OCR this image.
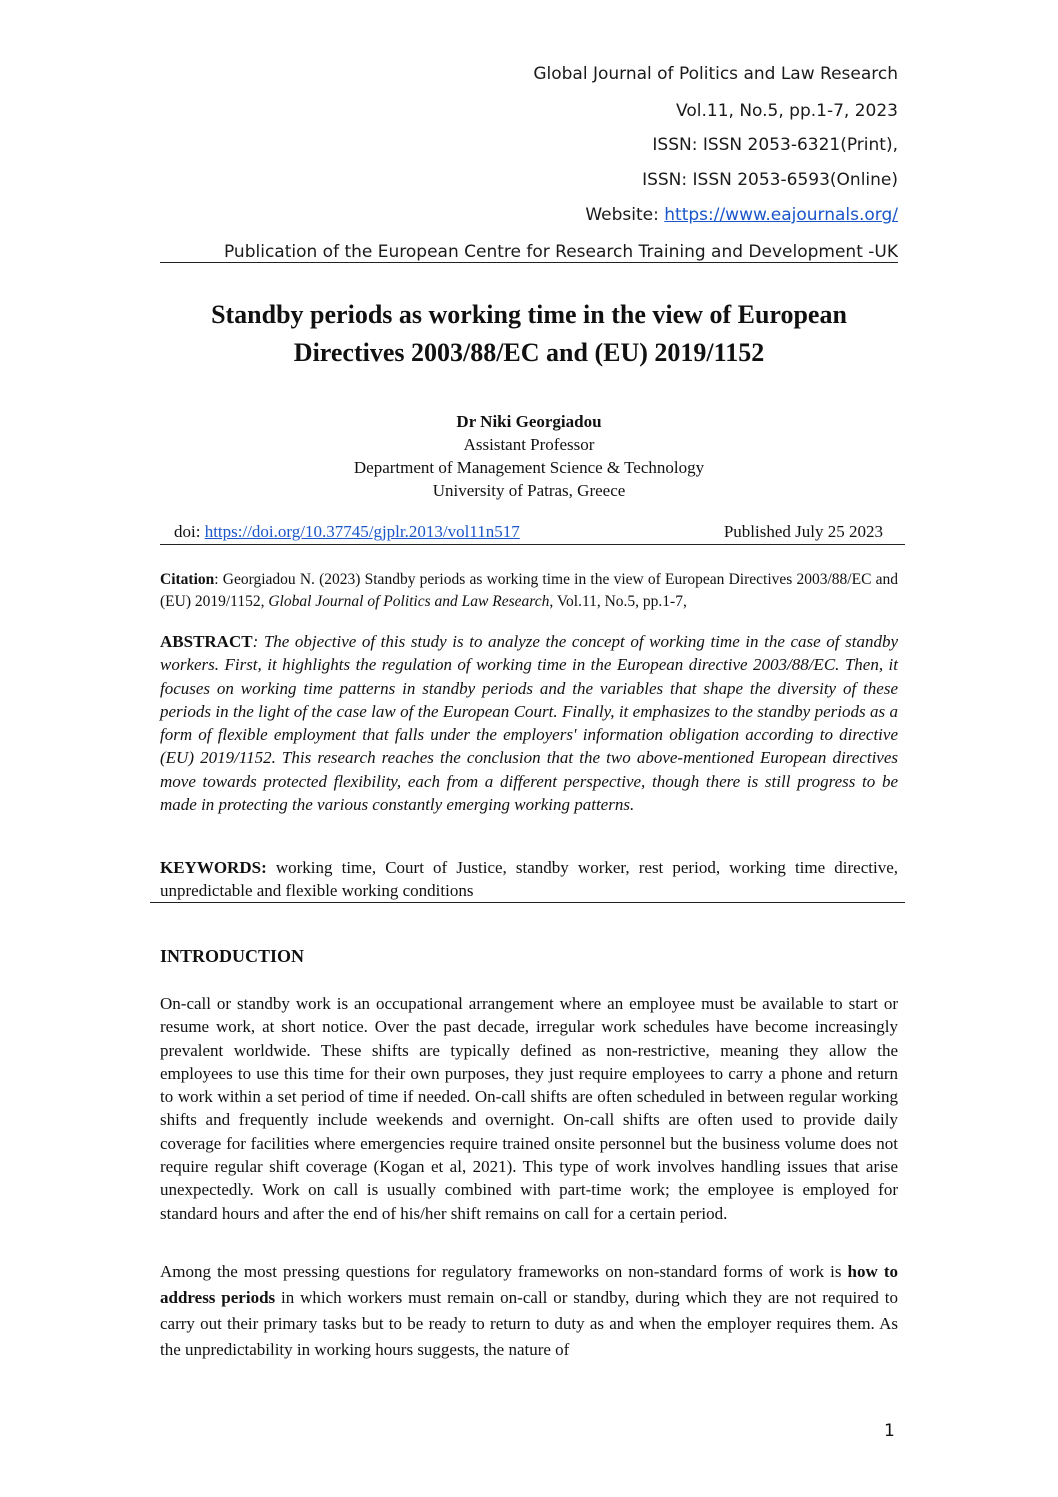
Global Journal of Politics and Law Research
Vol.11, No.5, pp.1-7, 2023
ISSN: ISSN 2053-6321(Print),
ISSN: ISSN 2053-6593(Online)
Website: https://www.eajournals.org/
Publication of the European Centre for Research Training and Development -UK
Standby periods as working time in the view of European
Directives 2003/88/EC and (EU) 2019/1152
Dr Niki Georgiadou
Assistant Professor
Department of Management Science & Technology
University of Patras, Greece
doi: https://doi.org/10.37745/gjplr.2013/vol11n517	Published July 25 2023
Citation: Georgiadou N. (2023) Standby periods as working time in the view of European Directives 2003/88/EC and (EU) 2019/1152, Global Journal of Politics and Law Research, Vol.11, No.5, pp.1-7,
ABSTRACT: The objective of this study is to analyze the concept of working time in the case of standby workers. First, it highlights the regulation of working time in the European directive 2003/88/EC. Then, it focuses on working time patterns in standby periods and the variables that shape the diversity of these periods in the light of the case law of the European Court. Finally, it emphasizes to the standby periods as a form of flexible employment that falls under the employers' information obligation according to directive (EU) 2019/1152. This research reaches the conclusion that the two above-mentioned European directives move towards protected flexibility, each from a different perspective, though there is still progress to be made in protecting the various constantly emerging working patterns.
KEYWORDS: working time, Court of Justice, standby worker, rest period, working time directive, unpredictable and flexible working conditions
INTRODUCTION
On-call or standby work is an occupational arrangement where an employee must be available to start or resume work, at short notice. Over the past decade, irregular work schedules have become increasingly prevalent worldwide. These shifts are typically defined as non-restrictive, meaning they allow the employees to use this time for their own purposes, they just require employees to carry a phone and return to work within a set period of time if needed. On-call shifts are often scheduled in between regular working shifts and frequently include weekends and overnight. On-call shifts are often used to provide daily coverage for facilities where emergencies require trained onsite personnel but the business volume does not require regular shift coverage (Kogan et al, 2021). This type of work involves handling issues that arise unexpectedly. Work on call is usually combined with part-time work; the employee is employed for standard hours and after the end of his/her shift remains on call for a certain period.
Among the most pressing questions for regulatory frameworks on non-standard forms of work is how to address periods in which workers must remain on-call or standby, during which they are not required to carry out their primary tasks but to be ready to return to duty as and when the employer requires them. As the unpredictability in working hours suggests, the nature of
1
